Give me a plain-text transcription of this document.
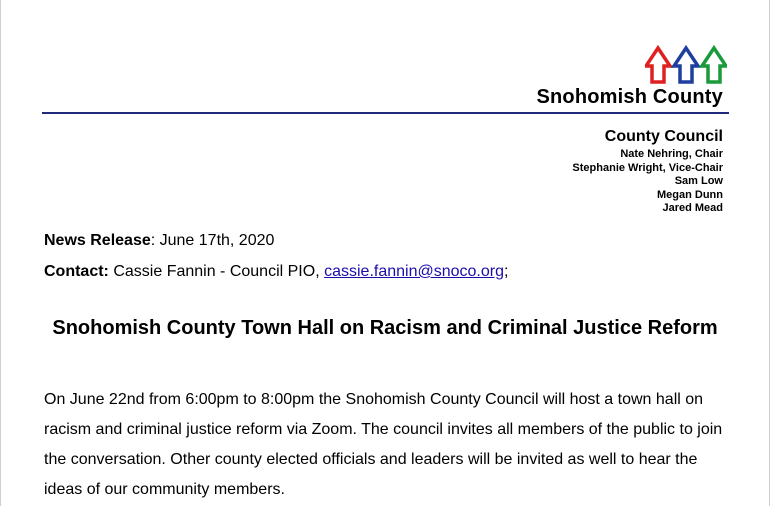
Snohomish County
County Council
Nate Nehring, Chair
Stephanie Wright, Vice-Chair
Sam Low
Megan Dunn
Jared Mead
News Release: June 17th, 2020
Contact: Cassie Fannin - Council PIO, cassie.fannin@snoco.org;
Snohomish County Town Hall on Racism and Criminal Justice Reform
On June 22nd from 6:00pm to 8:00pm the Snohomish County Council will host a town hall on racism and criminal justice reform via Zoom. The council invites all members of the public to join the conversation. Other county elected officials and leaders will be invited as well to hear the ideas of our community members.
